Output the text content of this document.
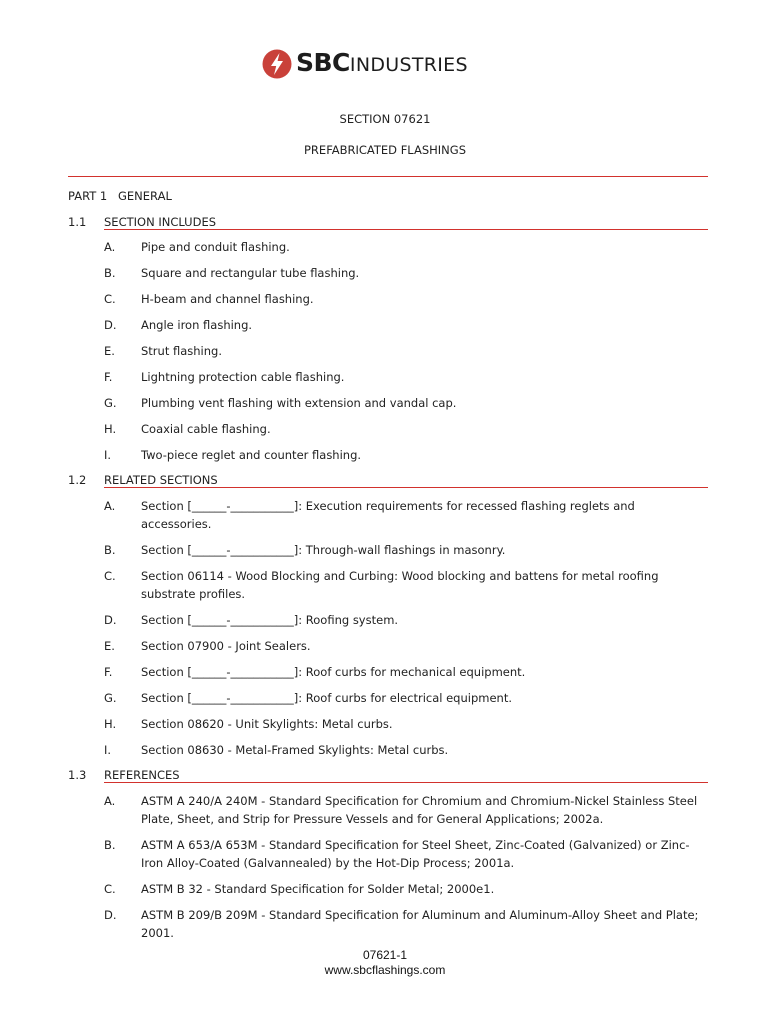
SBCINDUSTRIES
SECTION 07621
PREFABRICATED FLASHINGS
PART 1 GENERAL
1.1 SECTION INCLUDES
A. Pipe and conduit flashing.
B. Square and rectangular tube flashing.
C. H-beam and channel flashing.
D. Angle iron flashing.
E. Strut flashing.
F. Lightning protection cable flashing.
G. Plumbing vent flashing with extension and vandal cap.
H. Coaxial cable flashing.
I.	Two-piece reglet and counter flashing.
1.2 RELATED SECTIONS
A. Section [______-___________]: Execution requirements for recessed flashing reglets and accessories.
B. Section [______-___________]: Through-wall flashings in masonry.
C. Section 06114 - Wood Blocking and Curbing: Wood blocking and battens for metal roofing substrate profiles.
D. Section [______-___________]: Roofing system.
E. Section 07900 - Joint Sealers.
F. Section [______-___________]: Roof curbs for mechanical equipment.
G. Section [______-___________]: Roof curbs for electrical equipment.
H. Section 08620 - Unit Skylights: Metal curbs.
I.	Section 08630 - Metal-Framed Skylights: Metal curbs.
1.3 REFERENCES
A. ASTM A 240/A 240M - Standard Specification for Chromium and Chromium-Nickel Stainless Steel Plate, Sheet, and Strip for Pressure Vessels and for General Applications; 2002a.
B. ASTM A 653/A 653M - Standard Specification for Steel Sheet, Zinc-Coated (Galvanized) or Zinc-Iron Alloy-Coated (Galvannealed) by the Hot-Dip Process; 2001a.
C. ASTM B 32 - Standard Specification for Solder Metal; 2000e1.
D. ASTM B 209/B 209M - Standard Specification for Aluminum and Aluminum-Alloy Sheet and Plate; 2001.
07621-1
www.sbcflashings.com
